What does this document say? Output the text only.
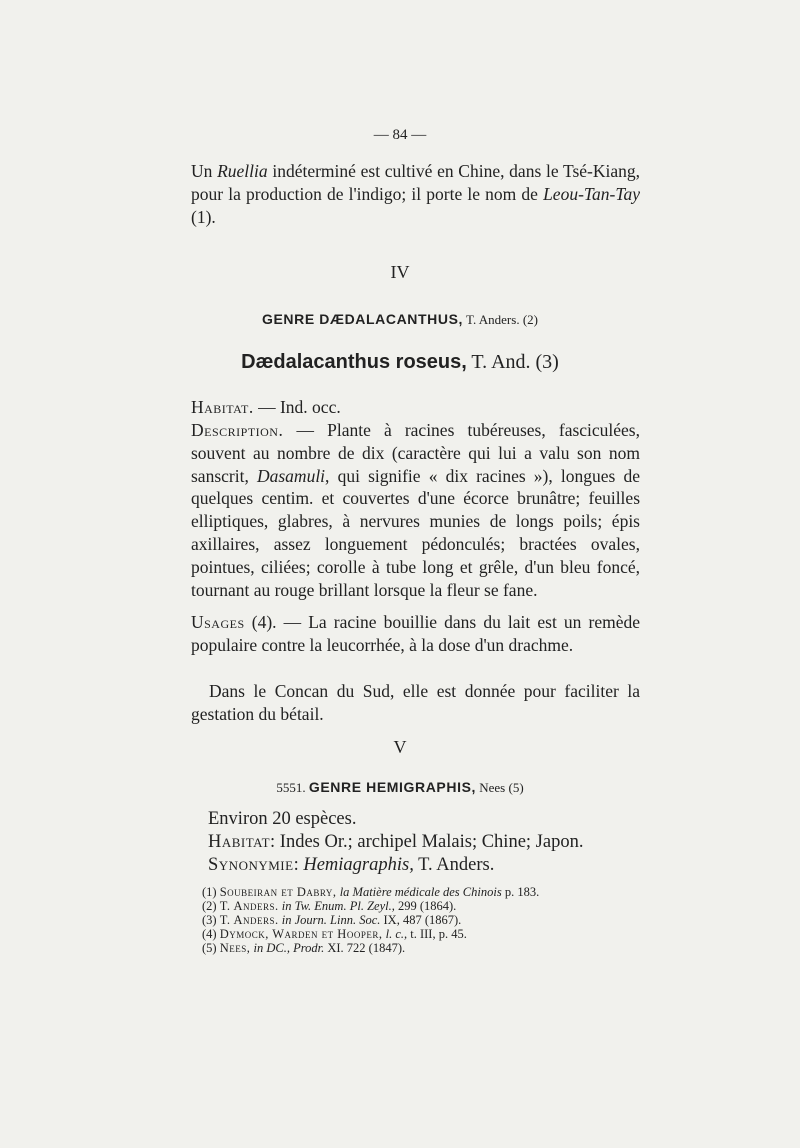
— 84 —
Un Ruellia indéterminé est cultivé en Chine, dans le Tsé-Kiang, pour la production de l'indigo; il porte le nom de Leou-Tan-Tay (1).
IV
GENRE DÆDALACANTHUS, T. Anders. (2)
Dædalacanthus roseus, T. And. (3)
Habitat. — Ind. occ.
Description. — Plante à racines tubéreuses, fasciculées, souvent au nombre de dix (caractère qui lui a valu son nom sanscrit, Dasamuli, qui signifie « dix racines »), longues de quelques centim. et couvertes d'une écorce brunâtre; feuilles elliptiques, glabres, à nervures munies de longs poils; épis axillaires, assez longuement pédonculés; bractées ovales, pointues, ciliées; corolle à tube long et grêle, d'un bleu foncé, tournant au rouge brillant lorsque la fleur se fane.
Usages (4). — La racine bouillie dans du lait est un remède populaire contre la leucorrhée, à la dose d'un drachme.
Dans le Concan du Sud, elle est donnée pour faciliter la gestation du bétail.
V
5551. GENRE HEMIGRAPHIS, Nees (5)
Environ 20 espèces.
Habitat: Indes Or.; archipel Malais; Chine; Japon.
Synonymie: Hemiagraphis, T. Anders.
(1) Soubeiran et Dabry, la Matière médicale des Chinois p. 183.
(2) T. Anders. in Tw. Enum. Pl. Zeyl., 299 (1864).
(3) T. Anders. in Journ. Linn. Soc. IX, 487 (1867).
(4) Dymock, Warden et Hooper, l. c., t. III, p. 45.
(5) Nees, in DC., Prodr. XI. 722 (1847).
